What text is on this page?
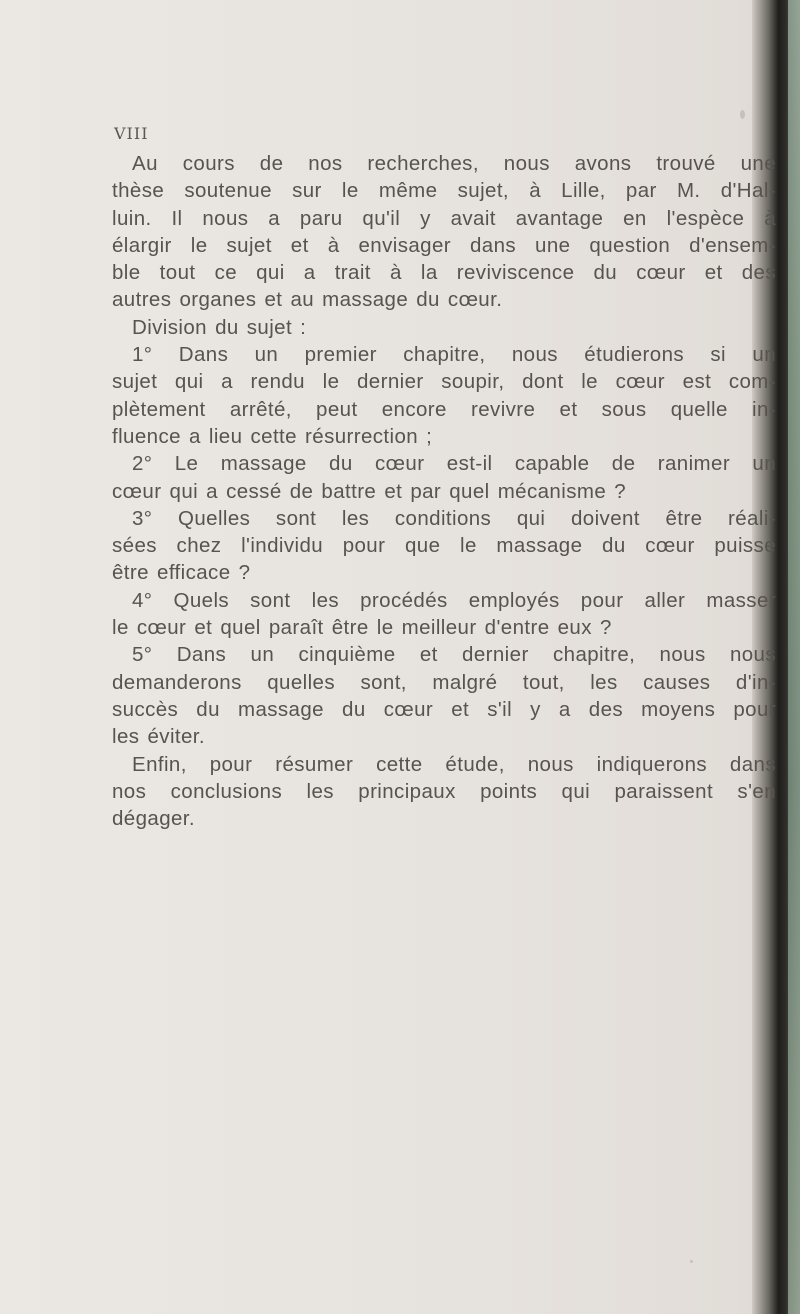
VIII
Au cours de nos recherches, nous avons trouvé une
thèse soutenue sur le même sujet, à Lille, par M. d'Hal-
luin. Il nous a paru qu'il y avait avantage en l'espèce à
élargir le sujet et à envisager dans une question d'ensem-
ble tout ce qui a trait à la reviviscence du cœur et des
autres organes et au massage du cœur.
Division du sujet :
1° Dans un premier chapitre, nous étudierons si un
sujet qui a rendu le dernier soupir, dont le cœur est com-
plètement arrêté, peut encore revivre et sous quelle in-
fluence a lieu cette résurrection ;
2° Le massage du cœur est-il capable de ranimer un
cœur qui a cessé de battre et par quel mécanisme ?
3° Quelles sont les conditions qui doivent être réali-
sées chez l'individu pour que le massage du cœur puisse
être efficace ?
4° Quels sont les procédés employés pour aller masser
le cœur et quel paraît être le meilleur d'entre eux ?
5° Dans un cinquième et dernier chapitre, nous nous
demanderons quelles sont, malgré tout, les causes d'in-
succès du massage du cœur et s'il y a des moyens pour
les éviter.
Enfin, pour résumer cette étude, nous indiquerons dans
nos conclusions les principaux points qui paraissent s'en
dégager.
